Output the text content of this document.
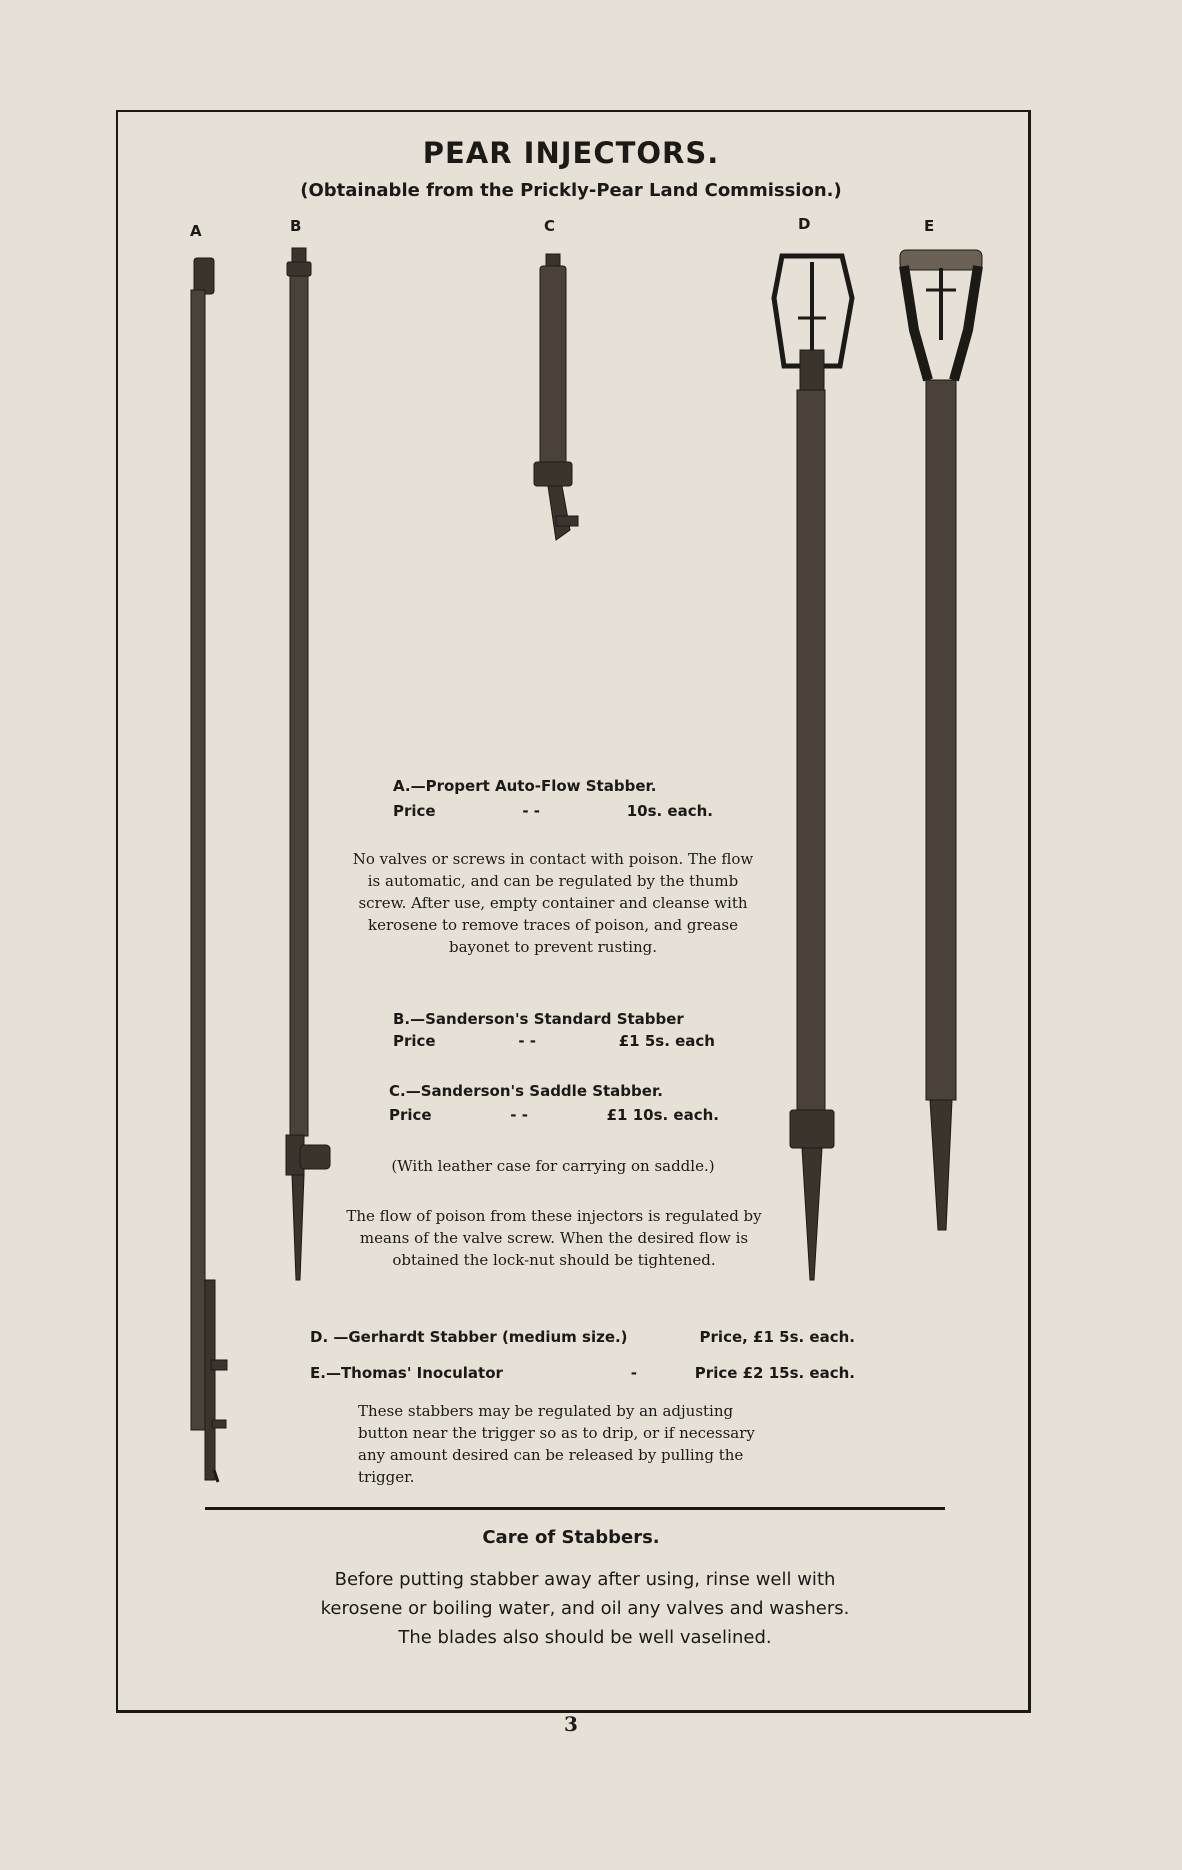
PEAR INJECTORS.
(Obtainable from the Prickly-Pear Land Commission.)
A	B	C	D	E
A.—Propert Auto-Flow Stabber.
Price	- -	10s. each.
No valves or screws in contact with poison. The flow is automatic, and can be regulated by the thumb screw. After use, empty container and cleanse with kerosene to remove traces of poison, and grease bayonet to prevent rusting.
B.—Sanderson's Standard Stabber
Price	- -	£1 5s. each
C.—Sanderson's Saddle Stabber.
Price	- -	£1 10s. each.
(With leather case for carrying on saddle.)
The flow of poison from these injectors is regulated by means of the valve screw. When the desired flow is obtained the lock-nut should be tightened.
D. —Gerhardt Stabber (medium size.)	Price, £1 5s. each.
E.—Thomas' Inoculator	-	Price £2 15s. each.
These stabbers may be regulated by an adjusting button near the trigger so as to drip, or if necessary any amount desired can be released by pulling the trigger.
Care of Stabbers.
Before putting stabber away after using, rinse well with kerosene or boiling water, and oil any valves and washers. The blades also should be well vaselined.
3
